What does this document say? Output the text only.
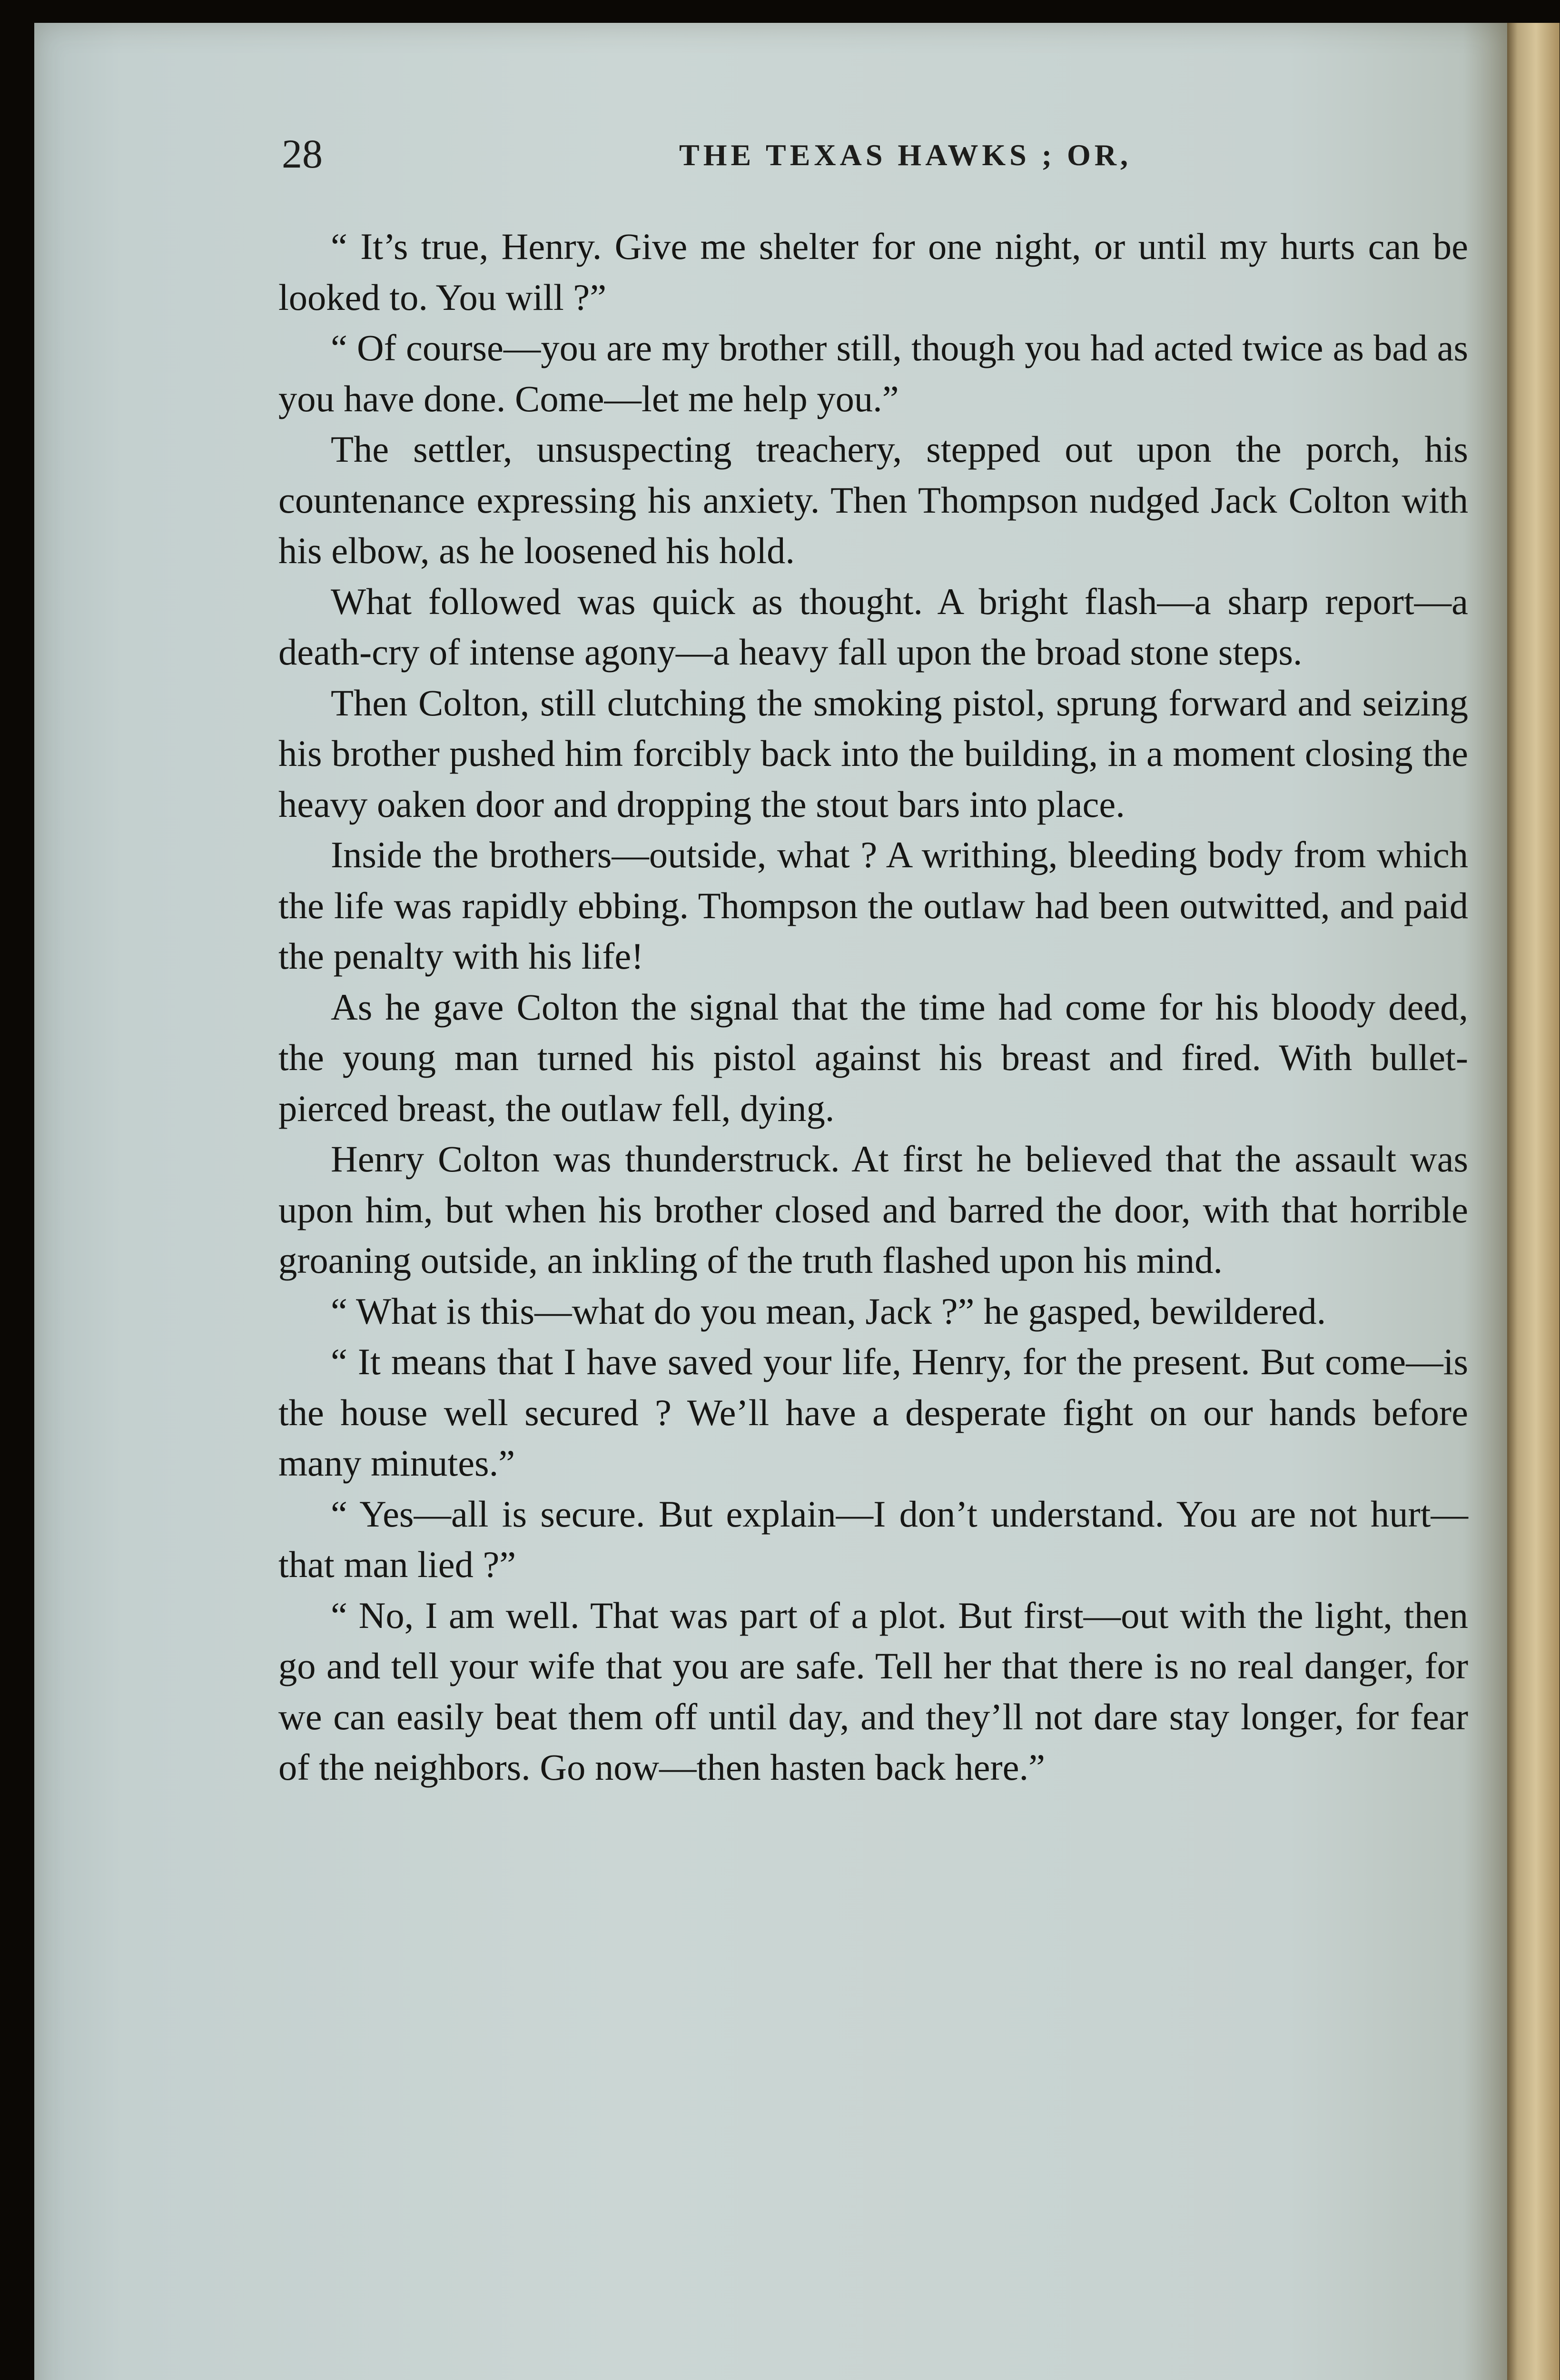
28	THE TEXAS HAWKS ; OR,

“ It’s true, Henry. Give me shelter for one night, or until my hurts can be looked to. You will ?”

“ Of course—you are my brother still, though you had acted twice as bad as you have done. Come—let me help you.”

The settler, unsuspecting treachery, stepped out upon the porch, his countenance expressing his anxiety. Then Thompson nudged Jack Colton with his elbow, as he loosened his hold.

What followed was quick as thought. A bright flash—a sharp report—a death-cry of intense agony—a heavy fall upon the broad stone steps.

Then Colton, still clutching the smoking pistol, sprung forward and seizing his brother pushed him forcibly back into the building, in a moment closing the heavy oaken door and dropping the stout bars into place.

Inside the brothers—outside, what ? A writhing, bleeding body from which the life was rapidly ebbing. Thompson the outlaw had been outwitted, and paid the penalty with his life!

As he gave Colton the signal that the time had come for his bloody deed, the young man turned his pistol against his breast and fired. With bullet-pierced breast, the outlaw fell, dying.

Henry Colton was thunderstruck. At first he believed that the assault was upon him, but when his brother closed and barred the door, with that horrible groaning outside, an inkling of the truth flashed upon his mind.

“ What is this—what do you mean, Jack ?” he gasped, bewildered.

“ It means that I have saved your life, Henry, for the present. But come—is the house well secured ? We’ll have a desperate fight on our hands before many minutes.”

“ Yes—all is secure. But explain—I don’t understand. You are not hurt—that man lied ?”

“ No, I am well. That was part of a plot. But first—out with the light, then go and tell your wife that you are safe. Tell her that there is no real danger, for we can easily beat them off until day, and they’ll not dare stay longer, for fear of the neighbors. Go now—then hasten back here.”
